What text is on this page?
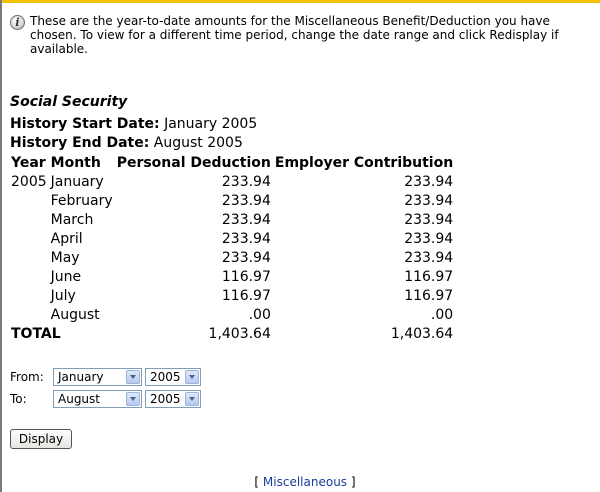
i These are the year-to-date amounts for the Miscellaneous Benefit/Deduction you have chosen. To view for a different time period, change the date range and click Redisplay if available.
Social Security
History Start Date: January 2005
History End Date: August 2005
Year	Month	Personal Deduction	Employer Contribution
2005	January	233.94	233.94
	February	233.94	233.94
	March	233.94	233.94
	April	233.94	233.94
	May	233.94	233.94
	June	116.97	116.97
	July	116.97	116.97
	August	.00	.00
TOTAL		1,403.64	1,403.64
From: January	2005
To:	August	2005
Display
[ Miscellaneous ]
